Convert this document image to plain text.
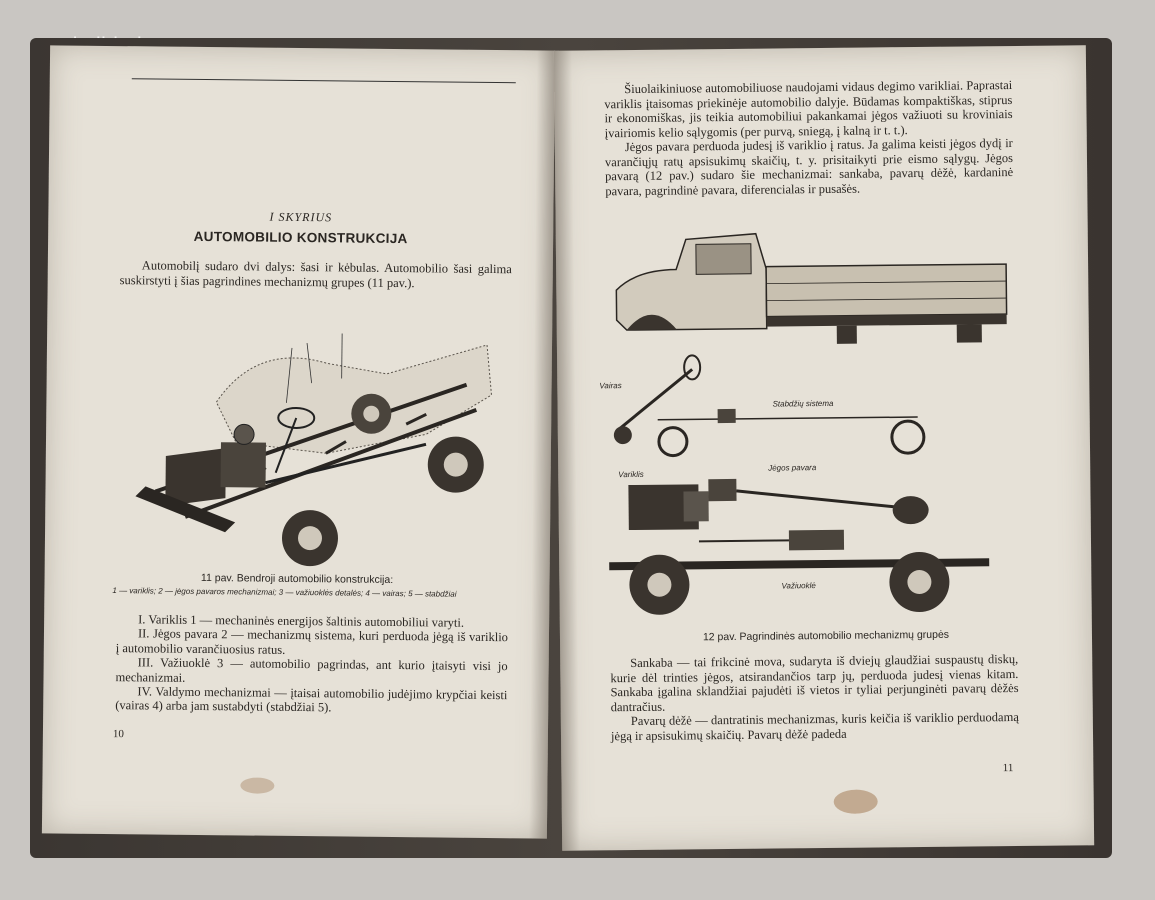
I SKYRIUS
AUTOMOBILIO KONSTRUKCIJA
Automobilį sudaro dvi dalys: šasi ir kėbulas. Automobilio šasi galima suskirstyti į šias pagrindines mechanizmų grupes (11 pav.).
11 pav. Bendroji automobilio konstrukcija:
1 — variklis; 2 — jėgos pavaros mechanizmai; 3 — važiuoklės detalės; 4 — vairas; 5 — stabdžiai

I. Variklis 1 — mechaninės energijos šaltinis automobiliui varyti.

II. Jėgos pavara 2 — mechanizmų sistema, kuri perduoda jėgą iš variklio į automobilio varančiuosius ratus.

III. Važiuoklė 3 — automobilio pagrindas, ant kurio įtaisyti visi jo mechanizmai.

IV. Valdymo mechanizmai — įtaisai automobilio judėjimo krypčiai keisti (vairas 4) arba jam sustabdyti (stabdžiai 5).

10

Šiuolaikiniuose automobiliuose naudojami vidaus degimo varikliai. Paprastai variklis įtaisomas priekinėje automobilio dalyje. Būdamas kompaktiškas, stiprus ir ekonomiškas, jis teikia automobiliui pakankamai jėgos važiuoti su kroviniais įvairiomis kelio sąlygomis (per purvą, sniegą, į kalną ir t. t.).

Jėgos pavara perduoda judesį iš variklio į ratus. Ja galima keisti jėgos dydį ir varančiųjų ratų apsisukimų skaičių, t. y. prisitaikyti prie eismo sąlygų. Jėgos pavarą (12 pav.) sudaro šie mechanizmai: sankaba, pavarų dėžė, kardaninė pavara, pagrindinė pavara, diferencialas ir pusašės.

Vairas
Stabdžių sistema
Variklis
Jėgos pavara
Važiuoklė
12 pav. Pagrindinės automobilio mechanizmų grupės

Sankaba — tai frikcinė mova, sudaryta iš dviejų glaudžiai suspaustų diskų, kurie dėl trinties jėgos, atsirandančios tarp jų, perduoda judesį vienas kitam. Sankaba įgalina sklandžiai pajudėti iš vietos ir tyliai perjunginėti pavarų dėžės dantračius.

Pavarų dėžė — dantratinis mechanizmas, kuris keičia iš variklio perduodamą jėgą ir apsisukimų skaičių. Pavarų dėžė padeda

11
